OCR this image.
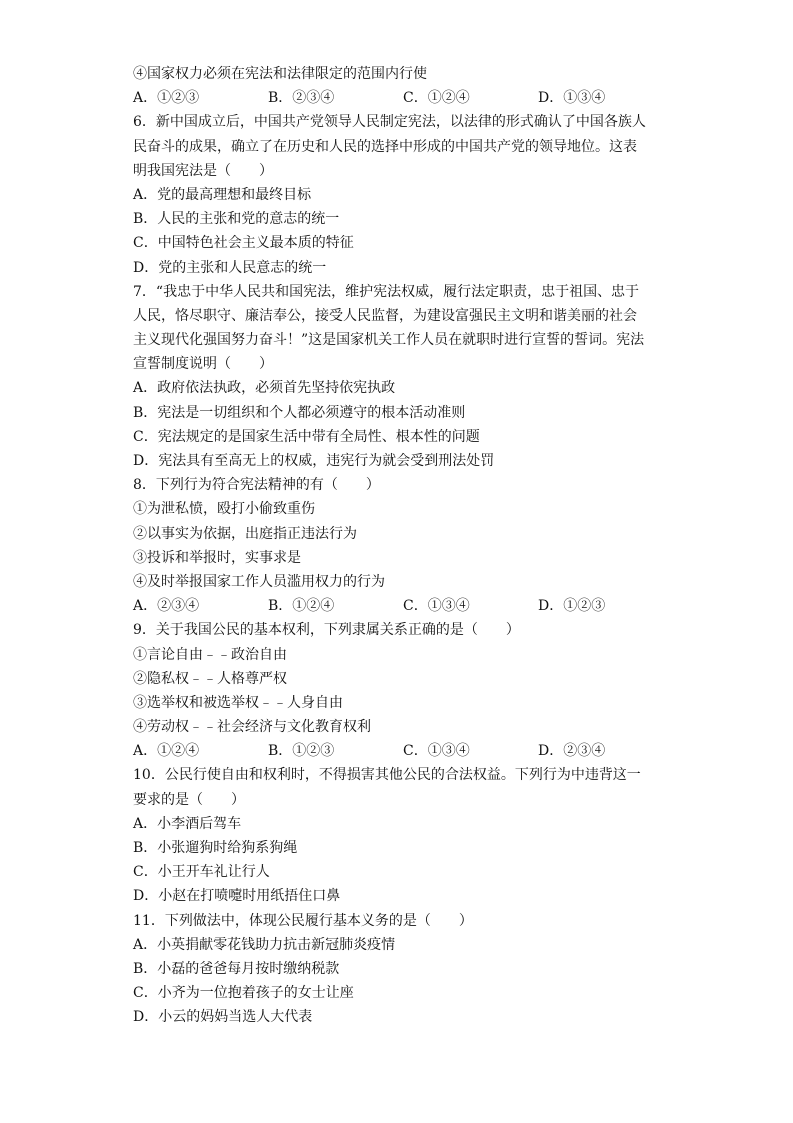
④国家权力必须在宪法和法律限定的范围内行使
A．①②③	B．②③④	C．①②④	D．①③④
6．新中国成立后，中国共产党领导人民制定宪法，以法律的形式确认了中国各族人
民奋斗的成果，确立了在历史和人民的选择中形成的中国共产党的领导地位。这表
明我国宪法是（　　）
A．党的最高理想和最终目标
B．人民的主张和党的意志的统一
C．中国特色社会主义最本质的特征
D．党的主张和人民意志的统一
7．“我忠于中华人民共和国宪法，维护宪法权威，履行法定职责，忠于祖国、忠于
人民，恪尽职守、廉洁奉公，接受人民监督，为建设富强民主文明和谐美丽的社会
主义现代化强国努力奋斗！”这是国家机关工作人员在就职时进行宣誓的誓词。宪法
宣誓制度说明（　　）
A．政府依法执政，必须首先坚持依宪执政
B．宪法是一切组织和个人都必须遵守的根本活动准则
C．宪法规定的是国家生活中带有全局性、根本性的问题
D．宪法具有至高无上的权威，违宪行为就会受到刑法处罚
8．下列行为符合宪法精神的有（　　）
①为泄私愤，殴打小偷致重伤
②以事实为依据，出庭指正违法行为
③投诉和举报时，实事求是
④及时举报国家工作人员滥用权力的行为
A．②③④	B．①②④	C．①③④	D．①②③
9．关于我国公民的基本权利，下列隶属关系正确的是（　　）
①言论自由﹣﹣政治自由
②隐私权﹣﹣人格尊严权
③选举权和被选举权﹣﹣人身自由
④劳动权﹣﹣社会经济与文化教育权利
A．①②④	B．①②③	C．①③④	D．②③④
10．公民行使自由和权利时，不得损害其他公民的合法权益。下列行为中违背这一
要求的是（　　）
A．小李酒后驾车
B．小张遛狗时给狗系狗绳
C．小王开车礼让行人
D．小赵在打喷嚏时用纸捂住口鼻
11．下列做法中，体现公民履行基本义务的是（　　）
A．小英捐献零花钱助力抗击新冠肺炎疫情
B．小磊的爸爸每月按时缴纳税款
C．小齐为一位抱着孩子的女士让座
D．小云的妈妈当选人大代表
